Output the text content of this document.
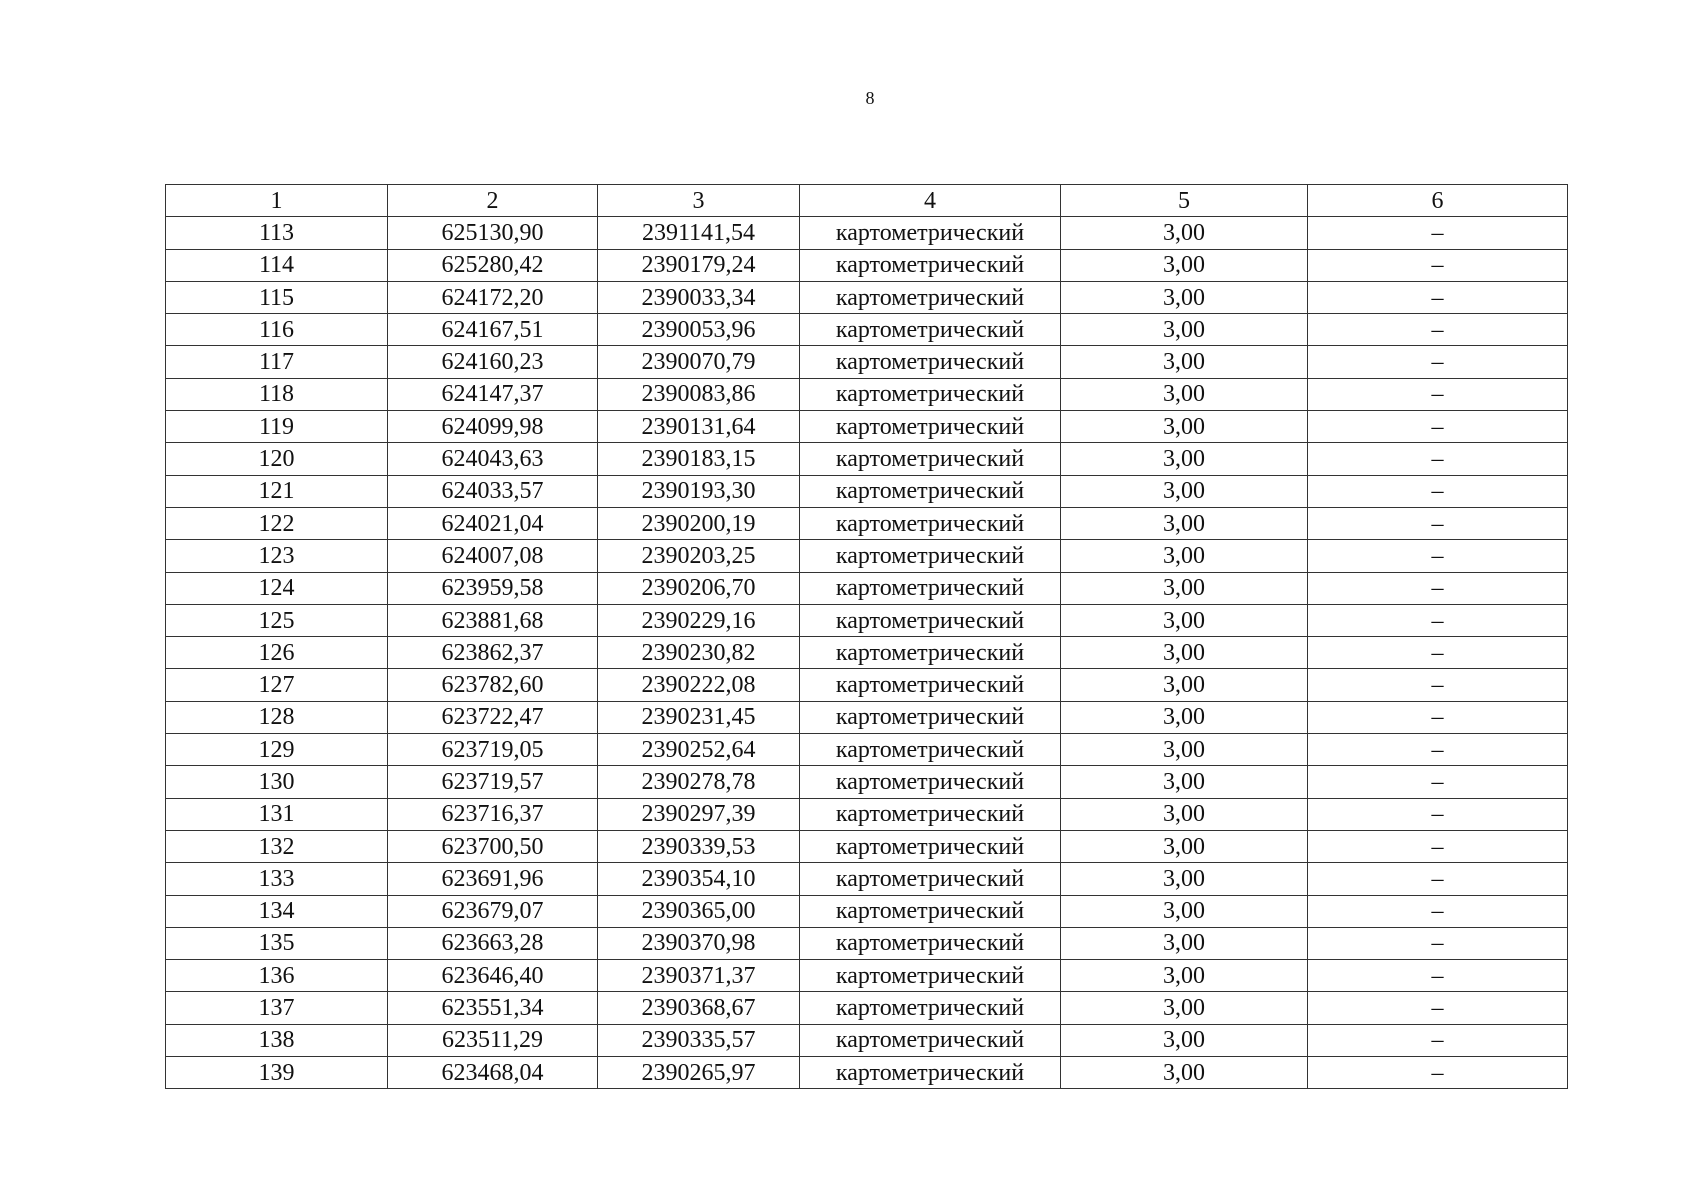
8
1	2	3	4	5	6
113	625130,90	2391141,54	картометрический	3,00	–
114	625280,42	2390179,24	картометрический	3,00	–
115	624172,20	2390033,34	картометрический	3,00	–
116	624167,51	2390053,96	картометрический	3,00	–
117	624160,23	2390070,79	картометрический	3,00	–
118	624147,37	2390083,86	картометрический	3,00	–
119	624099,98	2390131,64	картометрический	3,00	–
120	624043,63	2390183,15	картометрический	3,00	–
121	624033,57	2390193,30	картометрический	3,00	–
122	624021,04	2390200,19	картометрический	3,00	–
123	624007,08	2390203,25	картометрический	3,00	–
124	623959,58	2390206,70	картометрический	3,00	–
125	623881,68	2390229,16	картометрический	3,00	–
126	623862,37	2390230,82	картометрический	3,00	–
127	623782,60	2390222,08	картометрический	3,00	–
128	623722,47	2390231,45	картометрический	3,00	–
129	623719,05	2390252,64	картометрический	3,00	–
130	623719,57	2390278,78	картометрический	3,00	–
131	623716,37	2390297,39	картометрический	3,00	–
132	623700,50	2390339,53	картометрический	3,00	–
133	623691,96	2390354,10	картометрический	3,00	–
134	623679,07	2390365,00	картометрический	3,00	–
135	623663,28	2390370,98	картометрический	3,00	–
136	623646,40	2390371,37	картометрический	3,00	–
137	623551,34	2390368,67	картометрический	3,00	–
138	623511,29	2390335,57	картометрический	3,00	–
139	623468,04	2390265,97	картометрический	3,00	–
